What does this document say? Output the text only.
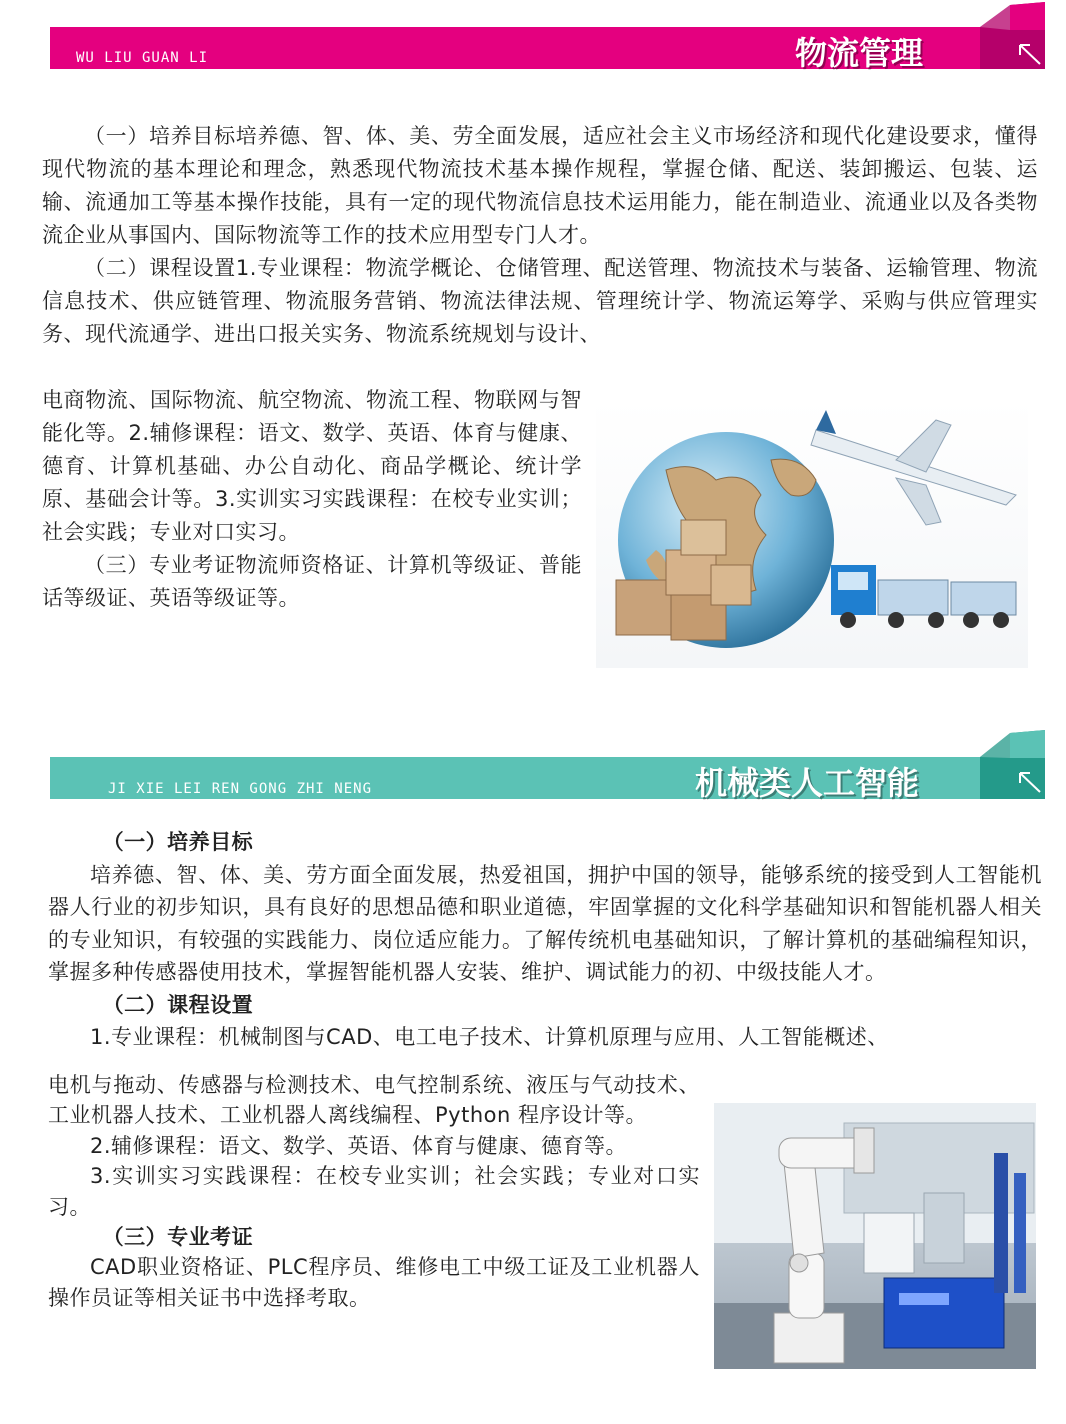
WU LIU GUAN LI	物流管理

（一）培养目标培养德、智、体、美、劳全面发展，适应社会主义市场经济和现代化建设要求，懂得现代物流的基本理论和理念，熟悉现代物流技术基本操作规程，掌握仓储、配送、装卸搬运、包装、运输、流通加工等基本操作技能，具有一定的现代物流信息技术运用能力，能在制造业、流通业以及各类物流企业从事国内、国际物流等工作的技术应用型专门人才。

（二）课程设置1.专业课程：物流学概论、仓储管理、配送管理、物流技术与装备、运输管理、物流信息技术、供应链管理、物流服务营销、物流法律法规、管理统计学、物流运筹学、采购与供应管理实务、现代流通学、进出口报关实务、物流系统规划与设计、

电商物流、国际物流、航空物流、物流工程、物联网与智能化等。2.辅修课程：语文、数学、英语、体育与健康、德育、计算机基础、办公自动化、商品学概论、统计学原、基础会计等。3.实训实习实践课程：在校专业实训；社会实践；专业对口实习。

（三）专业考证物流师资格证、计算机等级证、普能话等级证、英语等级证等。

JI XIE LEI REN GONG ZHI NENG	机械类人工智能

（一）培养目标

培养德、智、体、美、劳方面全面发展，热爱祖国，拥护中国的领导，能够系统的接受到人工智能机器人行业的初步知识，具有良好的思想品德和职业道德，牢固掌握的文化科学基础知识和智能机器人相关的专业知识，有较强的实践能力、岗位适应能力。了解传统机电基础知识，了解计算机的基础编程知识，掌握多种传感器使用技术，掌握智能机器人安装、维护、调试能力的初、中级技能人才。

（二）课程设置

1.专业课程：机械制图与CAD、电工电子技术、计算机原理与应用、人工智能概述、

电机与拖动、传感器与检测技术、电气控制系统、液压与气动技术、工业机器人技术、工业机器人离线编程、Python 程序设计等。

2.辅修课程：语文、数学、英语、体育与健康、德育等。

3.实训实习实践课程：在校专业实训；社会实践；专业对口实习。

（三）专业考证

CAD职业资格证、PLC程序员、维修电工中级工证及工业机器人操作员证等相关证书中选择考取。
